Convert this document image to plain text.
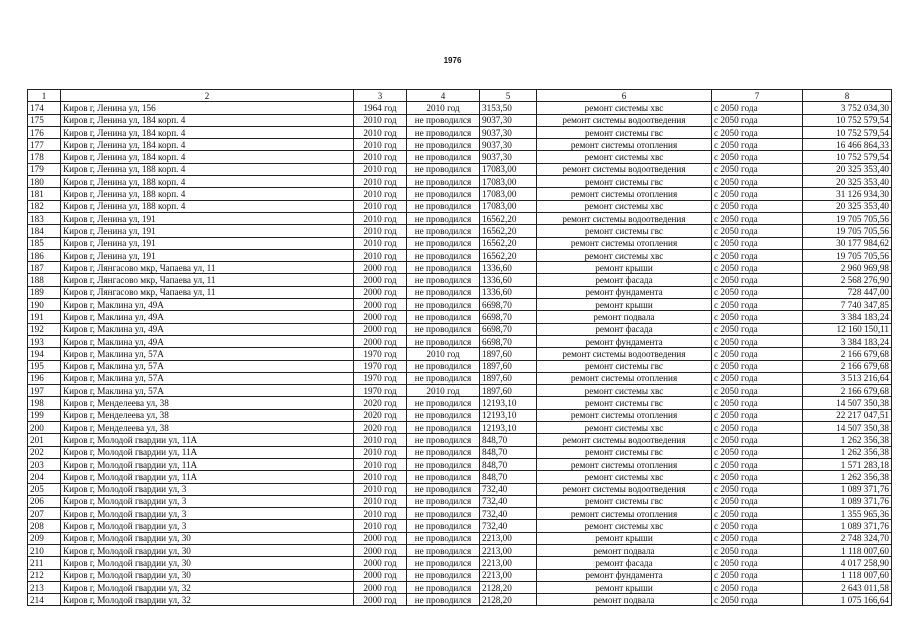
1976
1	2	3	4	5	6	7	8
174	Киров г, Ленина ул, 156	1964 год	2010 год	3153,50	ремонт системы хвс	с 2050 года	3 752 034,30
175	Киров г, Ленина ул, 184 корп. 4	2010 год	не проводился	9037,30	ремонт системы водоотведения	с 2050 года	10 752 579,54
176	Киров г, Ленина ул, 184 корп. 4	2010 год	не проводился	9037,30	ремонт системы гвс	с 2050 года	10 752 579,54
177	Киров г, Ленина ул, 184 корп. 4	2010 год	не проводился	9037,30	ремонт системы отопления	с 2050 года	16 466 864,33
178	Киров г, Ленина ул, 184 корп. 4	2010 год	не проводился	9037,30	ремонт системы хвс	с 2050 года	10 752 579,54
179	Киров г, Ленина ул, 188 корп. 4	2010 год	не проводился	17083,00	ремонт системы водоотведения	с 2050 года	20 325 353,40
180	Киров г, Ленина ул, 188 корп. 4	2010 год	не проводился	17083,00	ремонт системы гвс	с 2050 года	20 325 353,40
181	Киров г, Ленина ул, 188 корп. 4	2010 год	не проводился	17083,00	ремонт системы отопления	с 2050 года	31 126 934,30
182	Киров г, Ленина ул, 188 корп. 4	2010 год	не проводился	17083,00	ремонт системы хвс	с 2050 года	20 325 353,40
183	Киров г, Ленина ул, 191	2010 год	не проводился	16562,20	ремонт системы водоотведения	с 2050 года	19 705 705,56
184	Киров г, Ленина ул, 191	2010 год	не проводился	16562,20	ремонт системы гвс	с 2050 года	19 705 705,56
185	Киров г, Ленина ул, 191	2010 год	не проводился	16562,20	ремонт системы отопления	с 2050 года	30 177 984,62
186	Киров г, Ленина ул, 191	2010 год	не проводился	16562,20	ремонт системы хвс	с 2050 года	19 705 705,56
187	Киров г, Лянгасово мкр, Чапаева ул, 11	2000 год	не проводился	1336,60	ремонт крыши	с 2050 года	2 960 969,98
188	Киров г, Лянгасово мкр, Чапаева ул, 11	2000 год	не проводился	1336,60	ремонт фасада	с 2050 года	2 568 276,90
189	Киров г, Лянгасово мкр, Чапаева ул, 11	2000 год	не проводился	1336,60	ремонт фундамента	с 2050 года	728 447,00
190	Киров г, Маклина ул, 49А	2000 год	не проводился	6698,70	ремонт крыши	с 2050 года	7 740 347,85
191	Киров г, Маклина ул, 49А	2000 год	не проводился	6698,70	ремонт подвала	с 2050 года	3 384 183,24
192	Киров г, Маклина ул, 49А	2000 год	не проводился	6698,70	ремонт фасада	с 2050 года	12 160 150,11
193	Киров г, Маклина ул, 49А	2000 год	не проводился	6698,70	ремонт фундамента	с 2050 года	3 384 183,24
194	Киров г, Маклина ул, 57А	1970 год	2010 год	1897,60	ремонт системы водоотведения	с 2050 года	2 166 679,68
195	Киров г, Маклина ул, 57А	1970 год	не проводился	1897,60	ремонт системы гвс	с 2050 года	2 166 679,68
196	Киров г, Маклина ул, 57А	1970 год	не проводился	1897,60	ремонт системы отопления	с 2050 года	3 513 216,64
197	Киров г, Маклина ул, 57А	1970 год	2010 год	1897,60	ремонт системы хвс	с 2050 года	2 166 679,68
198	Киров г, Менделеева ул, 38	2020 год	не проводился	12193,10	ремонт системы гвс	с 2050 года	14 507 350,38
199	Киров г, Менделеева ул, 38	2020 год	не проводился	12193,10	ремонт системы отопления	с 2050 года	22 217 047,51
200	Киров г, Менделеева ул, 38	2020 год	не проводился	12193,10	ремонт системы хвс	с 2050 года	14 507 350,38
201	Киров г, Молодой гвардии ул, 11А	2010 год	не проводился	848,70	ремонт системы водоотведения	с 2050 года	1 262 356,38
202	Киров г, Молодой гвардии ул, 11А	2010 год	не проводился	848,70	ремонт системы гвс	с 2050 года	1 262 356,38
203	Киров г, Молодой гвардии ул, 11А	2010 год	не проводился	848,70	ремонт системы отопления	с 2050 года	1 571 283,18
204	Киров г, Молодой гвардии ул, 11А	2010 год	не проводился	848,70	ремонт системы хвс	с 2050 года	1 262 356,38
205	Киров г, Молодой гвардии ул, 3	2010 год	не проводился	732,40	ремонт системы водоотведения	с 2050 года	1 089 371,76
206	Киров г, Молодой гвардии ул, 3	2010 год	не проводился	732,40	ремонт системы гвс	с 2050 года	1 089 371,76
207	Киров г, Молодой гвардии ул, 3	2010 год	не проводился	732,40	ремонт системы отопления	с 2050 года	1 355 965,36
208	Киров г, Молодой гвардии ул, 3	2010 год	не проводился	732,40	ремонт системы хвс	с 2050 года	1 089 371,76
209	Киров г, Молодой гвардии ул, 30	2000 год	не проводился	2213,00	ремонт крыши	с 2050 года	2 748 324,70
210	Киров г, Молодой гвардии ул, 30	2000 год	не проводился	2213,00	ремонт подвала	с 2050 года	1 118 007,60
211	Киров г, Молодой гвардии ул, 30	2000 год	не проводился	2213,00	ремонт фасада	с 2050 года	4 017 258,90
212	Киров г, Молодой гвардии ул, 30	2000 год	не проводился	2213,00	ремонт фундамента	с 2050 года	1 118 007,60
213	Киров г, Молодой гвардии ул, 32	2000 год	не проводился	2128,20	ремонт крыши	с 2050 года	2 643 011,58
214	Киров г, Молодой гвардии ул, 32	2000 год	не проводился	2128,20	ремонт подвала	с 2050 года	1 075 166,64
